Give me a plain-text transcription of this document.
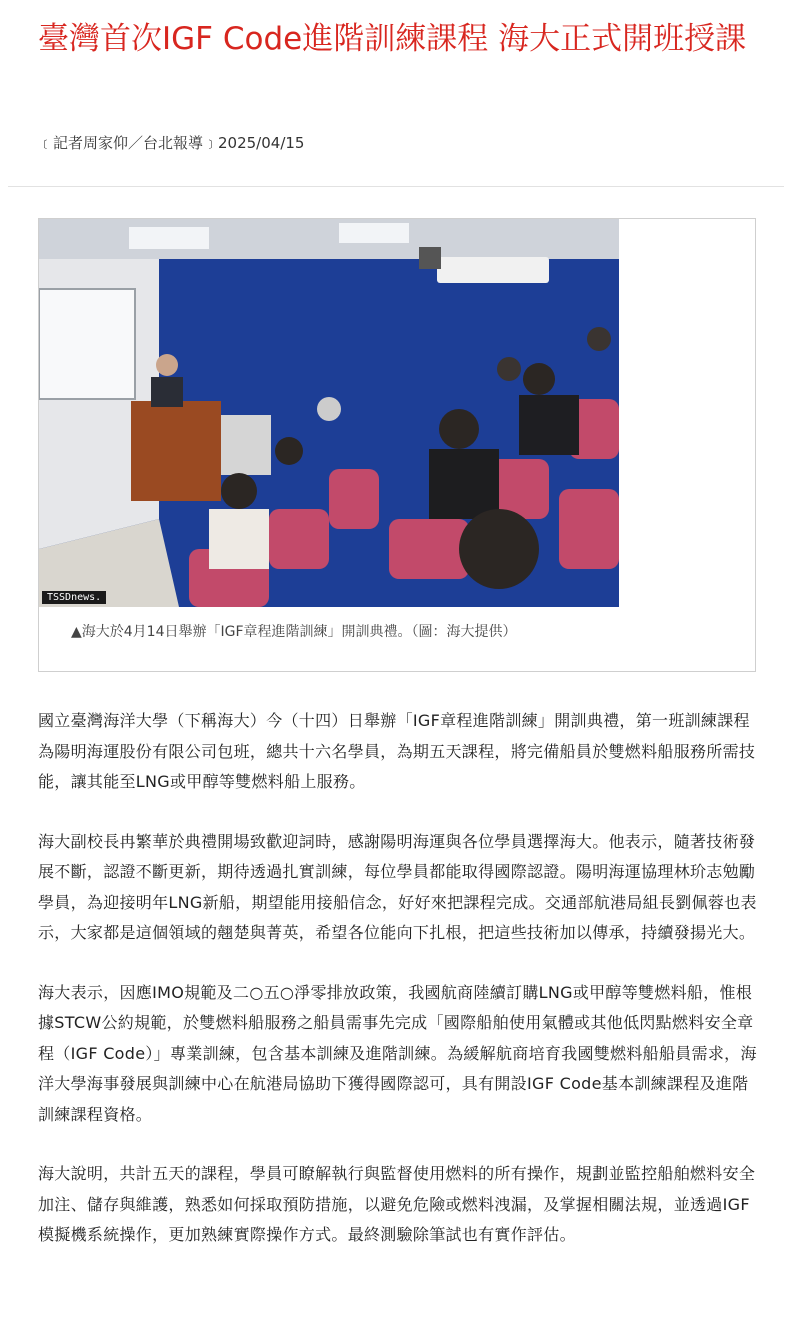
臺灣首次IGF Code進階訓練課程 海大正式開班授課
﹝記者周家仰／台北報導﹞2025/04/15
TSSDnews.
▲海大於4月14日舉辦「IGF章程進階訓練」開訓典禮。（圖：海大提供）

國立臺灣海洋大學（下稱海大）今（十四）日舉辦「IGF章程進階訓練」開訓典禮，第一班訓練課程為陽明海運股份有限公司包班，總共十六名學員，為期五天課程，將完備船員於雙燃料船服務所需技能，讓其能至LNG或甲醇等雙燃料船上服務。

海大副校長冉繁華於典禮開場致歡迎詞時，感謝陽明海運與各位學員選擇海大。他表示，隨著技術發展不斷，認證不斷更新，期待透過扎實訓練，每位學員都能取得國際認證。陽明海運協理林玠志勉勵學員，為迎接明年LNG新船，期望能用接船信念，好好來把課程完成。交通部航港局組長劉佩蓉也表示，大家都是這個領域的翹楚與菁英，希望各位能向下扎根，把這些技術加以傳承，持續發揚光大。

海大表示，因應IMO規範及二○五○淨零排放政策，我國航商陸續訂購LNG或甲醇等雙燃料船，惟根據STCW公約規範，於雙燃料船服務之船員需事先完成「國際船舶使用氣體或其他低閃點燃料安全章程（IGF Code）」專業訓練，包含基本訓練及進階訓練。為緩解航商培育我國雙燃料船船員需求，海洋大學海事發展與訓練中心在航港局協助下獲得國際認可，具有開設IGF Code基本訓練課程及進階訓練課程資格。

海大說明，共計五天的課程，學員可瞭解執行與監督使用燃料的所有操作，規劃並監控船舶燃料安全加注、儲存與維護，熟悉如何採取預防措施，以避免危險或燃料洩漏，及掌握相關法規，並透過IGF模擬機系統操作，更加熟練實際操作方式。最終測驗除筆試也有實作評估。
